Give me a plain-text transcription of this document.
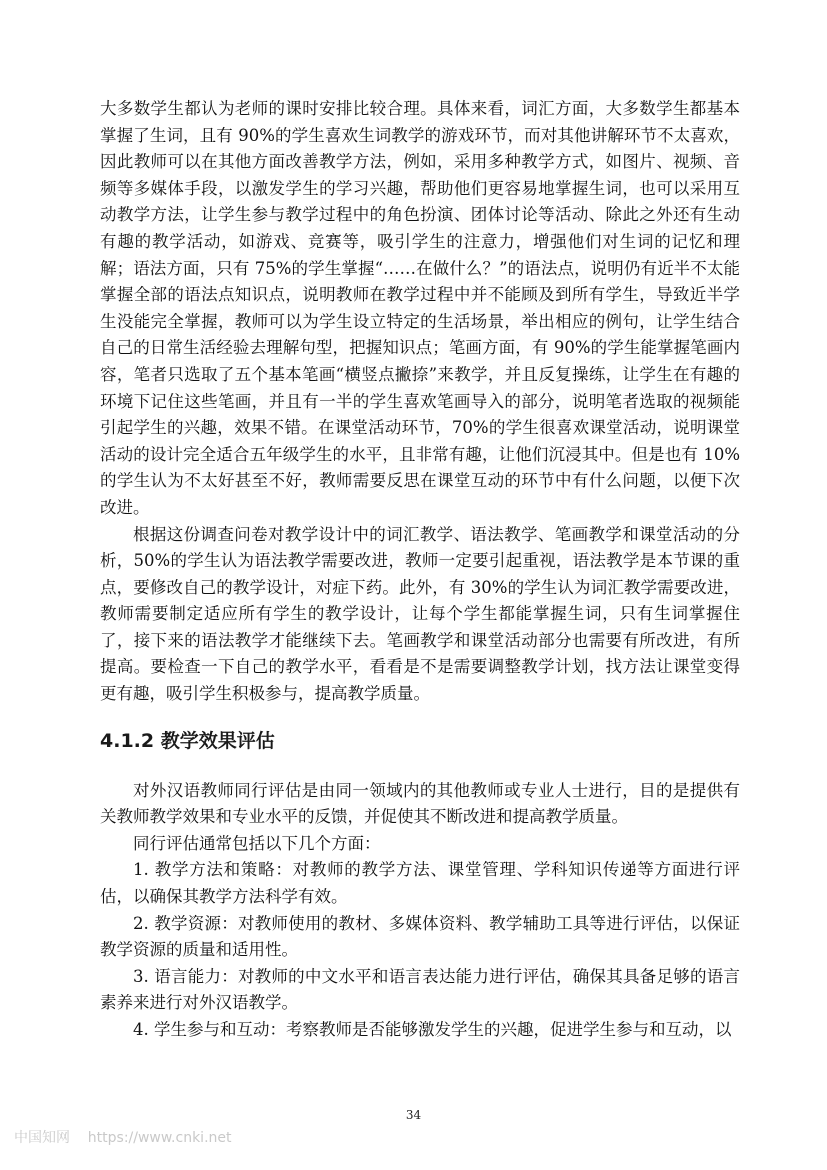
大多数学生都认为老师的课时安排比较合理。具体来看，词汇方面，大多数学生都基本掌握了生词，且有 90%的学生喜欢生词教学的游戏环节，而对其他讲解环节不太喜欢，因此教师可以在其他方面改善教学方法，例如，采用多种教学方式，如图片、视频、音频等多媒体手段，以激发学生的学习兴趣，帮助他们更容易地掌握生词，也可以采用互动教学方法，让学生参与教学过程中的角色扮演、团体讨论等活动、除此之外还有生动有趣的教学活动，如游戏、竞赛等，吸引学生的注意力，增强他们对生词的记忆和理解；语法方面，只有 75%的学生掌握“……在做什么？”的语法点，说明仍有近半不太能掌握全部的语法点知识点，说明教师在教学过程中并不能顾及到所有学生，导致近半学生没能完全掌握，教师可以为学生设立特定的生活场景，举出相应的例句，让学生结合自己的日常生活经验去理解句型，把握知识点；笔画方面，有 90%的学生能掌握笔画内容，笔者只选取了五个基本笔画“横竖点撇捺”来教学，并且反复操练，让学生在有趣的环境下记住这些笔画，并且有一半的学生喜欢笔画导入的部分，说明笔者选取的视频能引起学生的兴趣，效果不错。在课堂活动环节，70%的学生很喜欢课堂活动，说明课堂活动的设计完全适合五年级学生的水平，且非常有趣，让他们沉浸其中。但是也有 10%的学生认为不太好甚至不好，教师需要反思在课堂互动的环节中有什么问题，以便下次改进。

根据这份调查问卷对教学设计中的词汇教学、语法教学、笔画教学和课堂活动的分析，50%的学生认为语法教学需要改进，教师一定要引起重视，语法教学是本节课的重点，要修改自己的教学设计，对症下药。此外，有 30%的学生认为词汇教学需要改进，教师需要制定适应所有学生的教学设计，让每个学生都能掌握生词，只有生词掌握住了，接下来的语法教学才能继续下去。笔画教学和课堂活动部分也需要有所改进，有所提高。要检查一下自己的教学水平，看看是不是需要调整教学计划，找方法让课堂变得更有趣，吸引学生积极参与，提高教学质量。

4.1.2 教学效果评估

对外汉语教师同行评估是由同一领域内的其他教师或专业人士进行，目的是提供有关教师教学效果和专业水平的反馈，并促使其不断改进和提高教学质量。

同行评估通常包括以下几个方面：

1. 教学方法和策略：对教师的教学方法、课堂管理、学科知识传递等方面进行评估，以确保其教学方法科学有效。

2. 教学资源：对教师使用的教材、多媒体资料、教学辅助工具等进行评估，以保证教学资源的质量和适用性。

3. 语言能力：对教师的中文水平和语言表达能力进行评估，确保其具备足够的语言素养来进行对外汉语教学。

4. 学生参与和互动：考察教师是否能够激发学生的兴趣，促进学生参与和互动，以

34
中国知网    https://www.cnki.net
